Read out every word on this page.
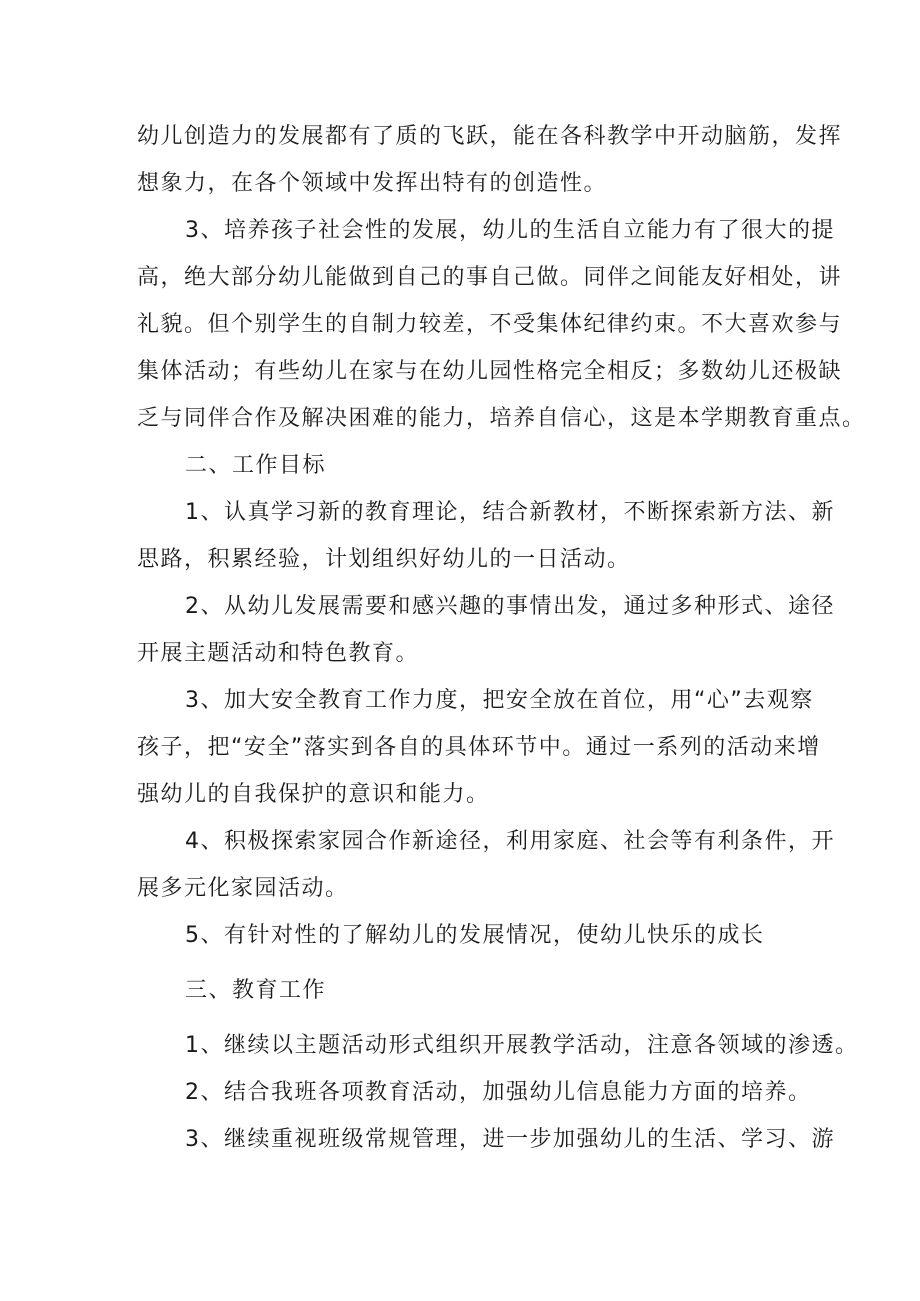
幼儿创造力的发展都有了质的飞跃，能在各科教学中开动脑筋，发挥
想象力，在各个领域中发挥出特有的创造性。
3、培养孩子社会性的发展，幼儿的生活自立能力有了很大的提
高，绝大部分幼儿能做到自己的事自己做。同伴之间能友好相处，讲
礼貌。但个别学生的自制力较差，不受集体纪律约束。不大喜欢参与
集体活动；有些幼儿在家与在幼儿园性格完全相反；多数幼儿还极缺
乏与同伴合作及解决困难的能力，培养自信心，这是本学期教育重点。
二、工作目标
1、认真学习新的教育理论，结合新教材，不断探索新方法、新
思路，积累经验，计划组织好幼儿的一日活动。
2、从幼儿发展需要和感兴趣的事情出发，通过多种形式、途径
开展主题活动和特色教育。
3、加大安全教育工作力度，把安全放在首位，用“心”去观察
孩子，把“安全”落实到各自的具体环节中。通过一系列的活动来增
强幼儿的自我保护的意识和能力。
4、积极探索家园合作新途径，利用家庭、社会等有利条件，开
展多元化家园活动。
5、有针对性的了解幼儿的发展情况，使幼儿快乐的成长
三、教育工作
1、继续以主题活动形式组织开展教学活动，注意各领域的渗透。
2、结合我班各项教育活动，加强幼儿信息能力方面的培养。
3、继续重视班级常规管理，进一步加强幼儿的生活、学习、游
